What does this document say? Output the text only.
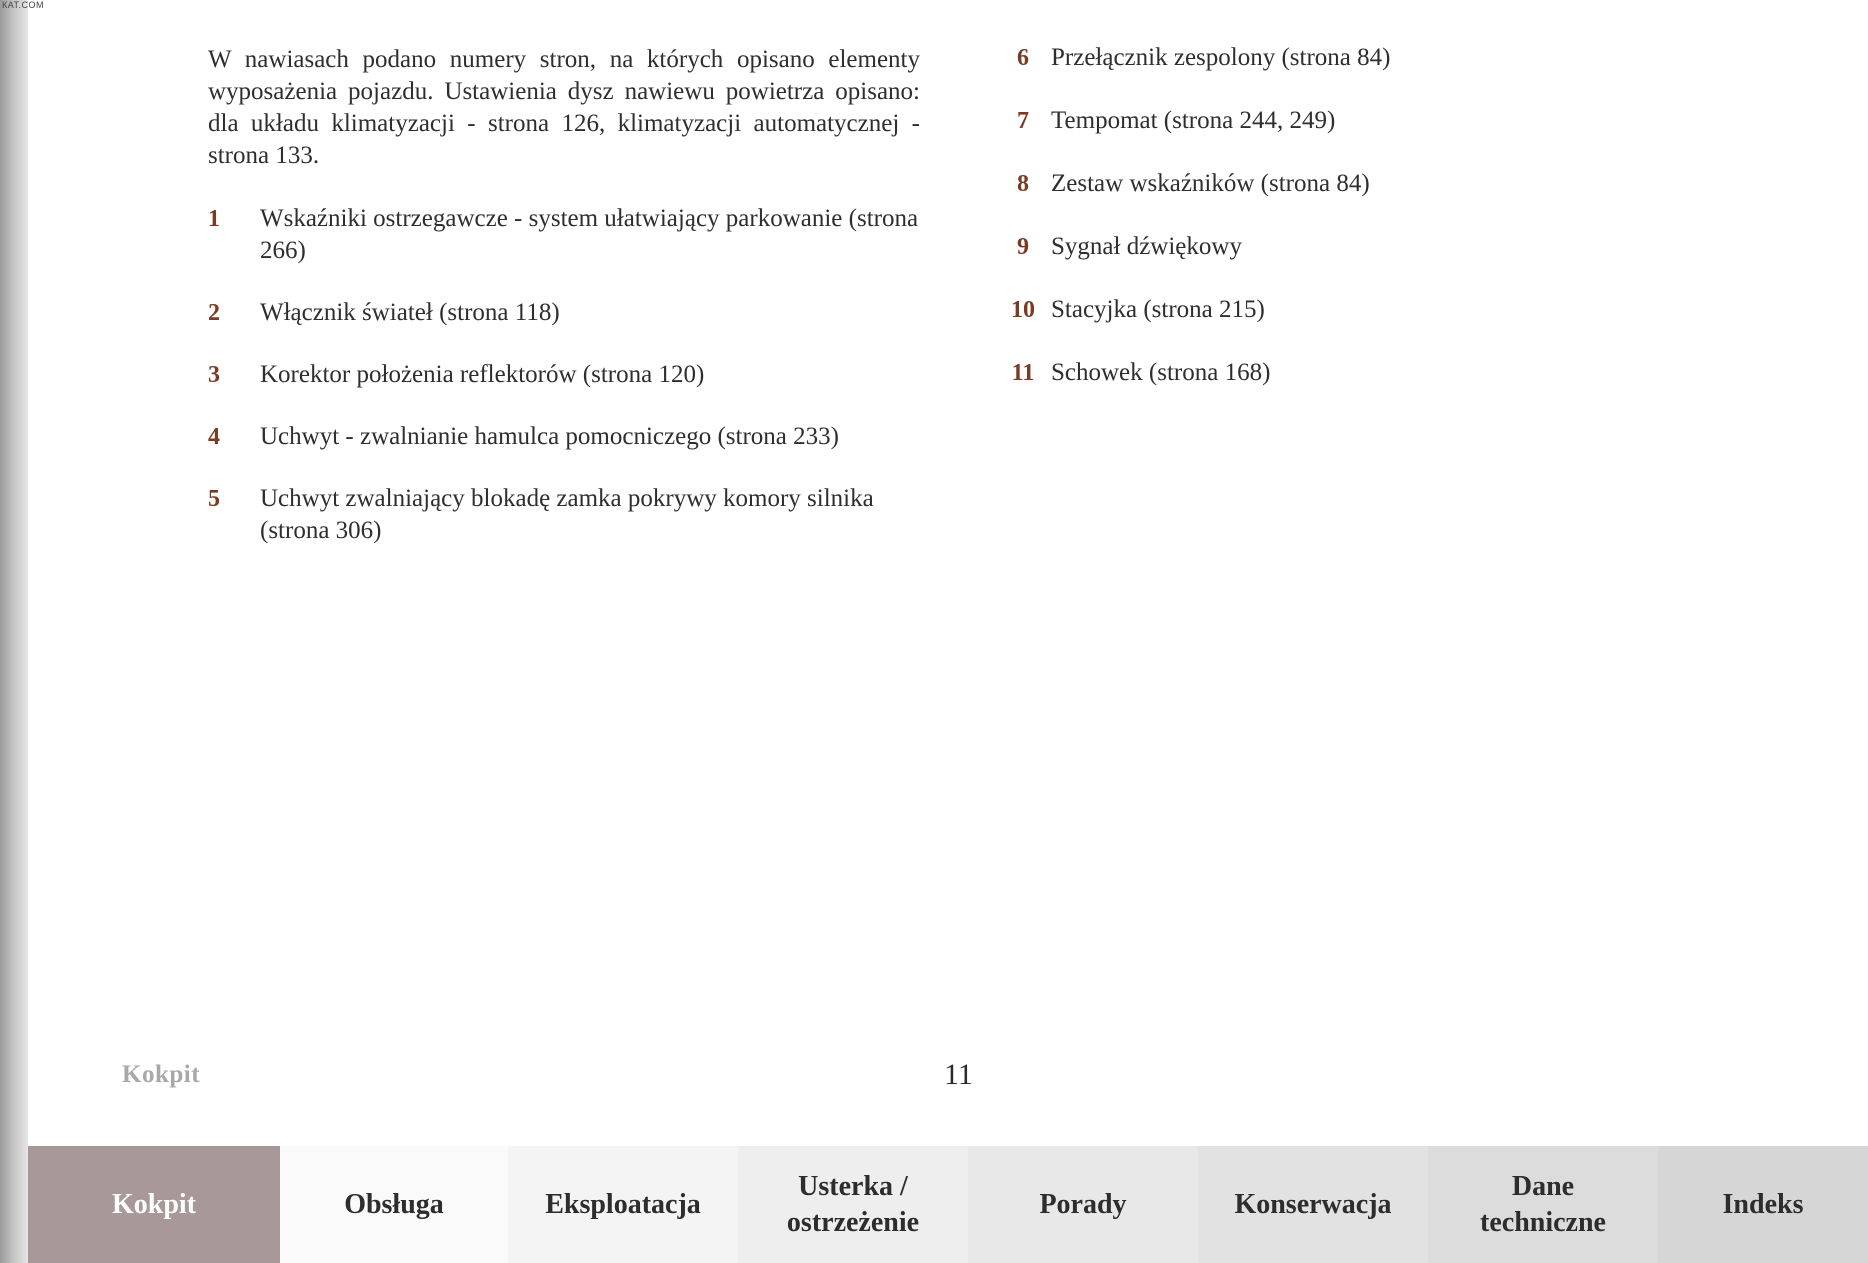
КАТ.COM

W nawiasach podano numery stron, na których opisano elementy wyposażenia pojazdu. Ustawienia dysz nawiewu powietrza opisano: dla układu klimatyzacji - strona 126, klimatyzacji automatycznej - strona 133.

1	Wskaźniki ostrzegawcze - system ułatwiający parkowanie (strona 266)
2	Włącznik świateł (strona 118)
3	Korektor położenia reflektorów (strona 120)
4	Uchwyt - zwalnianie hamulca pomocniczego (strona 233)
5	Uchwyt zwalniający blokadę zamka pokrywy komory silnika (strona 306)
6 Przełącznik zespolony (strona 84)
7 Tempomat (strona 244, 249)
8 Zestaw wskaźników (strona 84)
9 Sygnał dźwiękowy
10 Stacyjka (strona 215)
11 Schowek (strona 168)
Kokpit	11
Kokpit	Obsługa	Eksploatacja
Usterka /
ostrzeżenie
Porady	Konserwacja
Dane
techniczne
Indeks
